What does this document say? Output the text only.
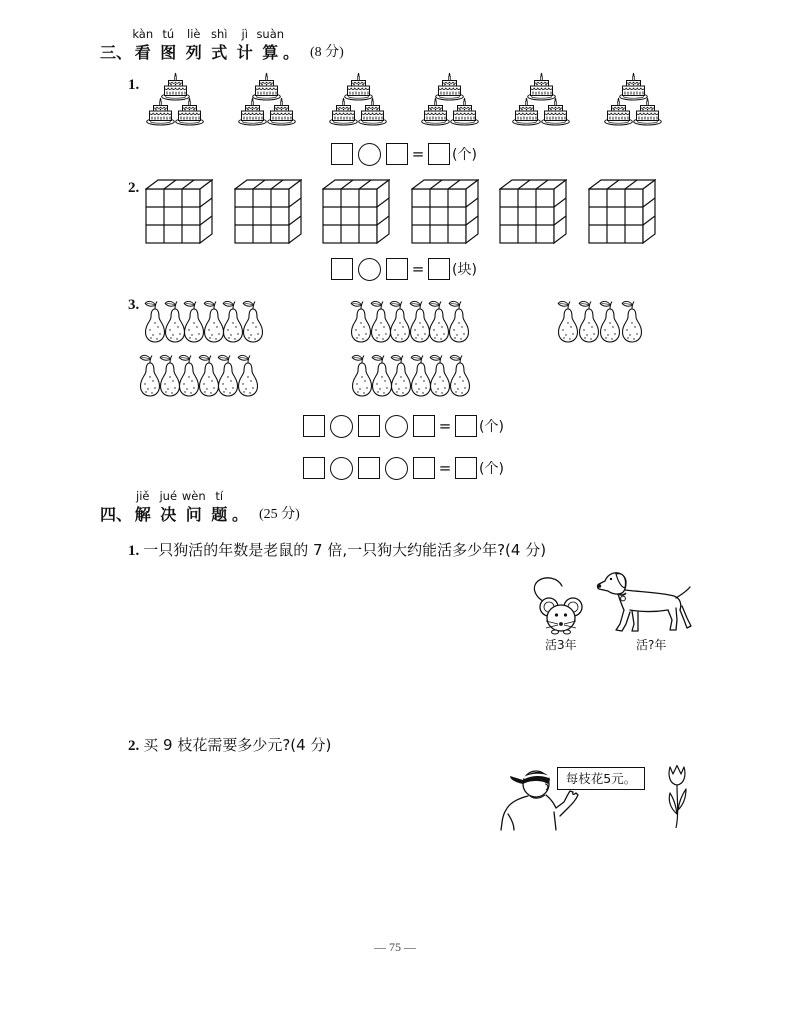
三、
kàn
看
tú
图
liè
列
shì
式
jì
计
suàn
算 。 (8 分)
1.
= (个)
2.
= (块)
3.
= (个)
= (个)
四、
jiě
解
jué
决
wèn
问
tí
题 。 (25 分)
1. 一只狗活的年数是老鼠的 7 倍,一只狗大约能活多少年?(4 分)
活3年	活?年
2. 买 9 枝花需要多少元?(4 分)
每枝花5元。
— 75 —
